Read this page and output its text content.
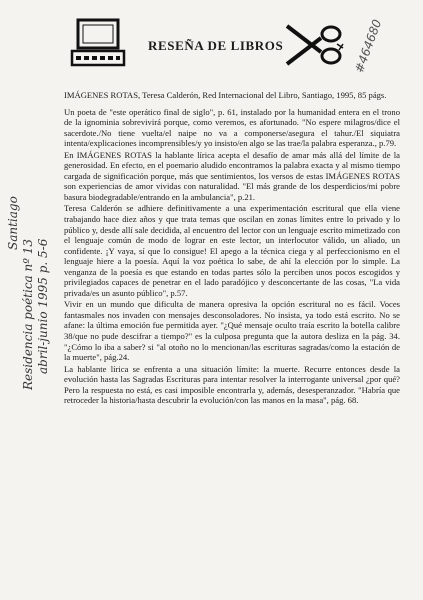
RESEÑA DE LIBROS	#464680
Santiago
Residencia poética nº 13 abril-junio 1995 p. 5-6

IMÁGENES ROTAS, Teresa Calderón, Red Internacional del Libro, Santiago, 1995, 85 págs.

Un poeta de "este operático final de siglo", p. 61, instalado por la humanidad entera en el trono de la ignominia sobrevivirá porque, como veremos, es afortunado. "No espere milagros/dice el sacerdote./No tiene vuelta/el naipe no va a componerse/asegura el tahur./El siquiatra intenta/explicaciones incomprensibles/y yo insisto/en algo se las trae/la palabra esperanza., p.79.

En IMÁGENES ROTAS la hablante lírica acepta el desafío de amar más allá del límite de la generosidad. En efecto, en el poemario aludido encontramos la palabra exacta y al mismo tiempo cargada de significación porque, más que sentimientos, los versos de estas IMÁGENES ROTAS son experiencias de amor vividas con naturalidad. "El más grande de los desperdicios/mi pobre basura biodegradable/entrando en la ambulancia", p.21.

Teresa Calderón se adhiere definitivamente a una experimentación escritural que ella viene trabajando hace diez años y que trata temas que oscilan en zonas límites entre lo privado y lo público y, desde allí sale decidida, al encuentro del lector con un lenguaje escrito mimetizado con el lenguaje común de modo de lograr en este lector, un interlocutor válido, un aliado, un confidente. ¡Y vaya, sí que lo consigue! El apego a la técnica ciega y al perfeccionismo en el lenguaje hiere a la poesía. Aquí la voz poética lo sabe, de ahí la elección por lo simple. La venganza de la poesía es que estando en todas partes sólo la perciben unos pocos escogidos y privilegiados capaces de penetrar en el lado paradójico y desconcertante de las cosas, "La vida privada/es un asunto público", p.57.

Vivir en un mundo que dificulta de manera opresiva la opción escritural no es fácil. Voces fantasmales nos invaden con mensajes desconsoladores. No insista, ya todo está escrito. No se afane: la última emoción fue permitida ayer. "¿Qué mensaje oculto traía escrito la botella calibre 38/que no pude descifrar a tiempo?" es la culposa pregunta que la autora desliza en la pág. 34. "¿Cómo lo iba a saber? si "al otoño no lo mencionan/las escrituras sagradas/como la estación de la muerte", pág.24.

La hablante lírica se enfrenta a una situación límite: la muerte. Recurre entonces desde la evolución hasta las Sagradas Escrituras para intentar resolver la interrogante universal ¿por qué? Pero la respuesta no está, es casi imposible encontrarla y, además, desesperanzador. "Habría que retroceder la historia/hasta descubrir la evolución/con las manos en la masa", pág. 68.
